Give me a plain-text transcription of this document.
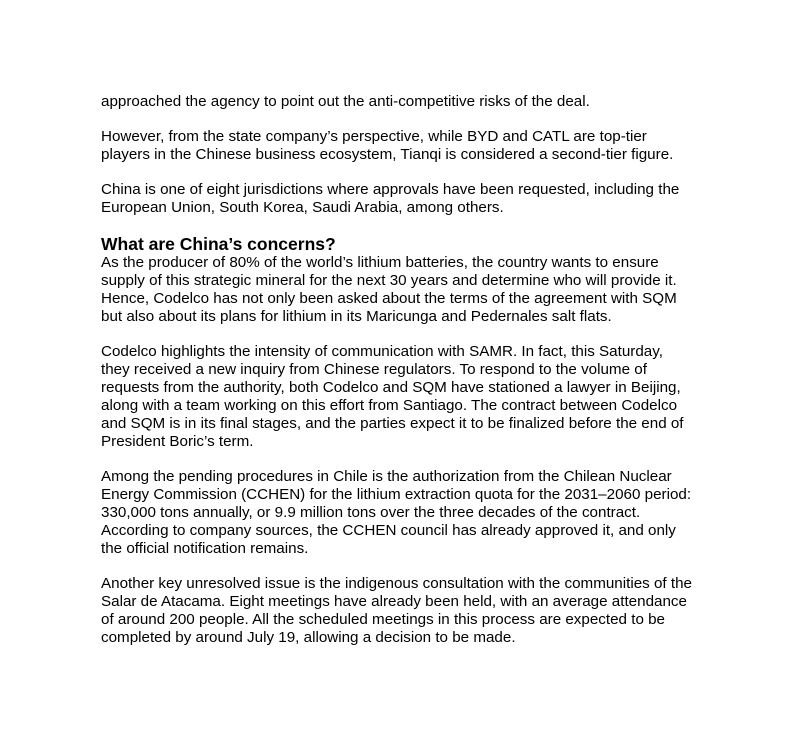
approached the agency to point out the anti-competitive risks of the deal.

However, from the state company’s perspective, while BYD and CATL are top-tier
players in the Chinese business ecosystem, Tianqi is considered a second-tier figure.

China is one of eight jurisdictions where approvals have been requested, including the
European Union, South Korea, Saudi Arabia, among others.

What are China’s concerns?

As the producer of 80% of the world’s lithium batteries, the country wants to ensure
supply of this strategic mineral for the next 30 years and determine who will provide it.
Hence, Codelco has not only been asked about the terms of the agreement with SQM
but also about its plans for lithium in its Maricunga and Pedernales salt flats.

Codelco highlights the intensity of communication with SAMR. In fact, this Saturday,
they received a new inquiry from Chinese regulators. To respond to the volume of
requests from the authority, both Codelco and SQM have stationed a lawyer in Beijing,
along with a team working on this effort from Santiago. The contract between Codelco
and SQM is in its final stages, and the parties expect it to be finalized before the end of
President Boric’s term.

Among the pending procedures in Chile is the authorization from the Chilean Nuclear
Energy Commission (CCHEN) for the lithium extraction quota for the 2031–2060 period:
330,000 tons annually, or 9.9 million tons over the three decades of the contract.
According to company sources, the CCHEN council has already approved it, and only
the official notification remains.

Another key unresolved issue is the indigenous consultation with the communities of the
Salar de Atacama. Eight meetings have already been held, with an average attendance
of around 200 people. All the scheduled meetings in this process are expected to be
completed by around July 19, allowing a decision to be made.
